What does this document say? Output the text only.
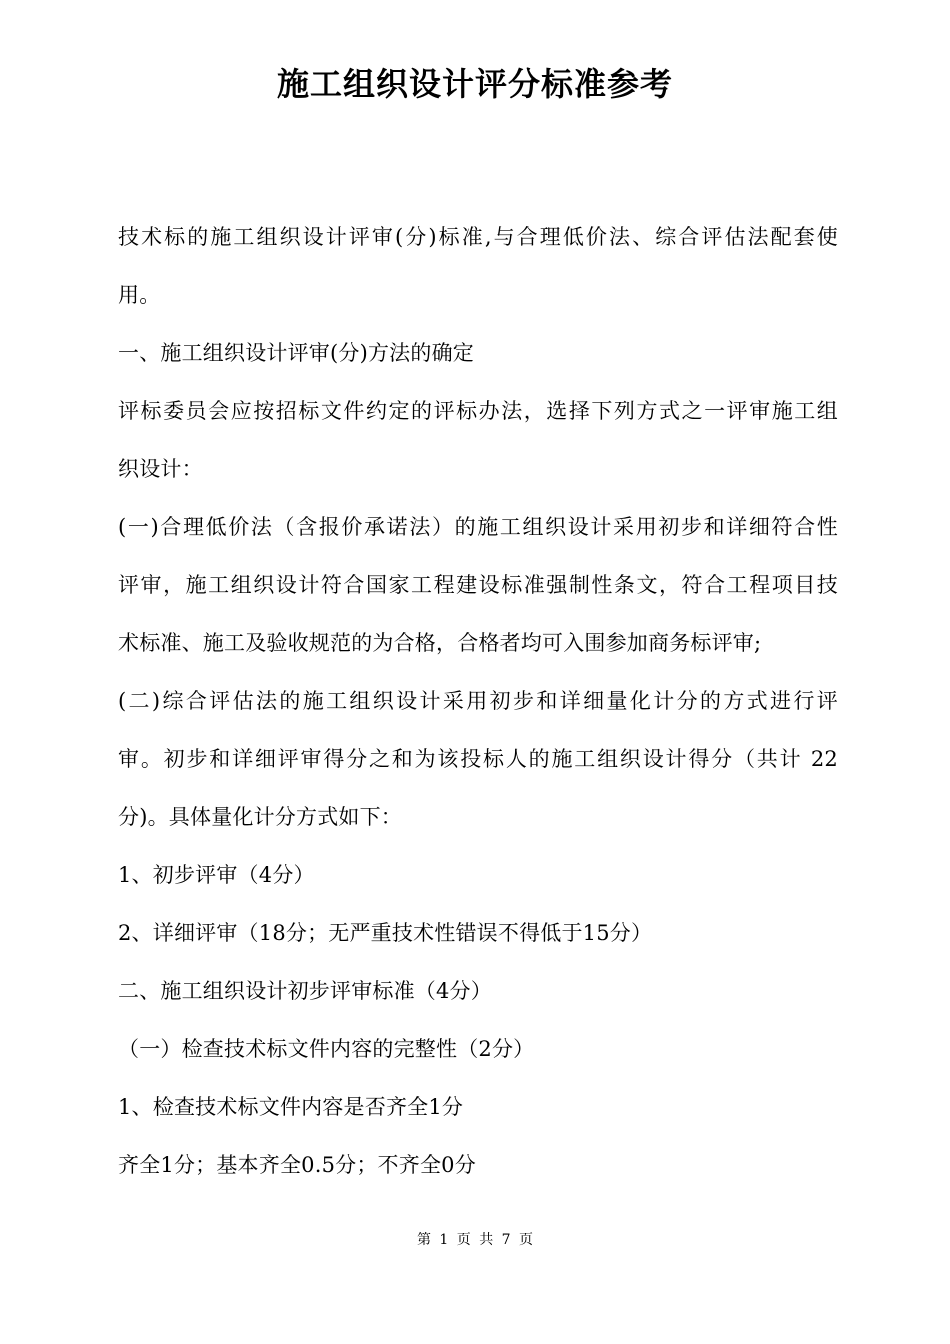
施工组织设计评分标准参考

技术标的施工组织设计评审(分)标准,与合理低价法、综合评估法配套使

用。

一、施工组织设计评审(分)方法的确定

评标委员会应按招标文件约定的评标办法，选择下列方式之一评审施工组

织设计：

(一)合理低价法（含报价承诺法）的施工组织设计采用初步和详细符合性

评审，施工组织设计符合国家工程建设标准强制性条文，符合工程项目技

术标准、施工及验收规范的为合格，合格者均可入围参加商务标评审;

(二)综合评估法的施工组织设计采用初步和详细量化计分的方式进行评

审。初步和详细评审得分之和为该投标人的施工组织设计得分（共计 22

分)。具体量化计分方式如下：

1、初步评审（4分）

2、详细评审（18分；无严重技术性错误不得低于15分）

二、施工组织设计初步评审标准（4分）

（一）检查技术标文件内容的完整性（2分）

1、检查技术标文件内容是否齐全1分

齐全1分；基本齐全0.5分；不齐全0分

第 1 页 共 7 页
